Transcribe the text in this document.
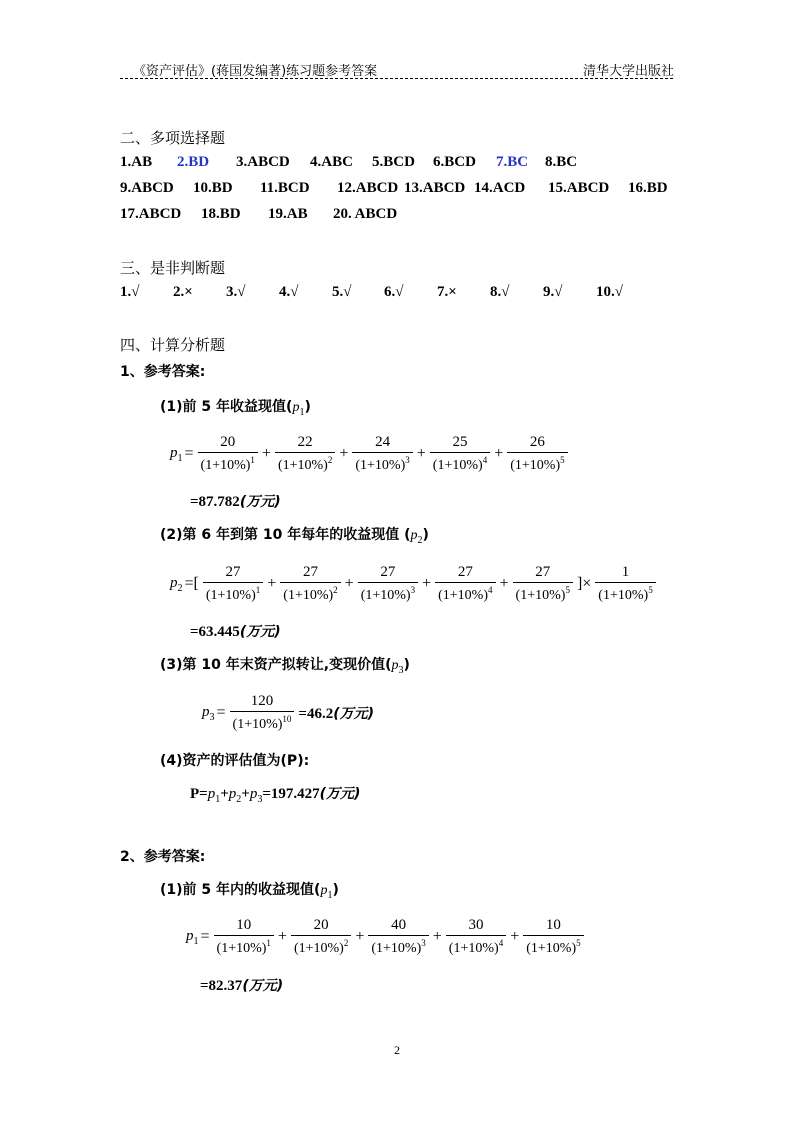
《资产评估》(蒋国发编著)练习题参考答案	清华大学出版社
二、多项选择题
1.AB 2.BD 3.ABCD 4.ABC 5.BCD 6.BCD 7.BC 8.BC
9.ABCD 10.BD 11.BCD 12.ABCD 13.ABCD 14.ACD 15.ABCD 16.BD
17.ABCD 18.BD 19.AB 20. ABCD
三、是非判断题
1.√ 2.× 3.√ 4.√ 5.√ 6.√ 7.× 8.√ 9.√ 10.√
四、计算分析题
1、参考答案:
(1)前 5 年收益现值$(p_1)$
$p_1 = \frac{20}{(1+10\%)^1} + \frac{22}{(1+10\%)^2} + \frac{24}{(1+10\%)^3} + \frac{25}{(1+10\%)^4} + \frac{26}{(1+10\%)^5}$
=87.782(万元)
(2)第 6 年到第 10 年每年的收益现值 $(p_2)$
$p_2$ =[ $\frac{27}{(1+10\%)^1} + \frac{27}{(1+10\%)^2} + \frac{27}{(1+10\%)^3} + \frac{27}{(1+10\%)^4} + \frac{27}{(1+10\%)^5}$ ]× $\frac{1}{(1+10\%)^5}$
=63.445(万元)
(3)第 10 年末资产拟转让,变现价值$(p_3)$
$p_3 = \frac{120}{(1+10\%)^{10}} =46.2$(万元)
(4)资产的评估值为(P):
$P=p_1+p_2+p_3=197.427$(万元)
2、参考答案:
(1)前 5 年内的收益现值$(p_1)$
$p_1 = \frac{10}{(1+10\%)^1} + \frac{20}{(1+10\%)^2} + \frac{40}{(1+10\%)^3} + \frac{30}{(1+10\%)^4} + \frac{10}{(1+10\%)^5}$
=82.37(万元)
2
